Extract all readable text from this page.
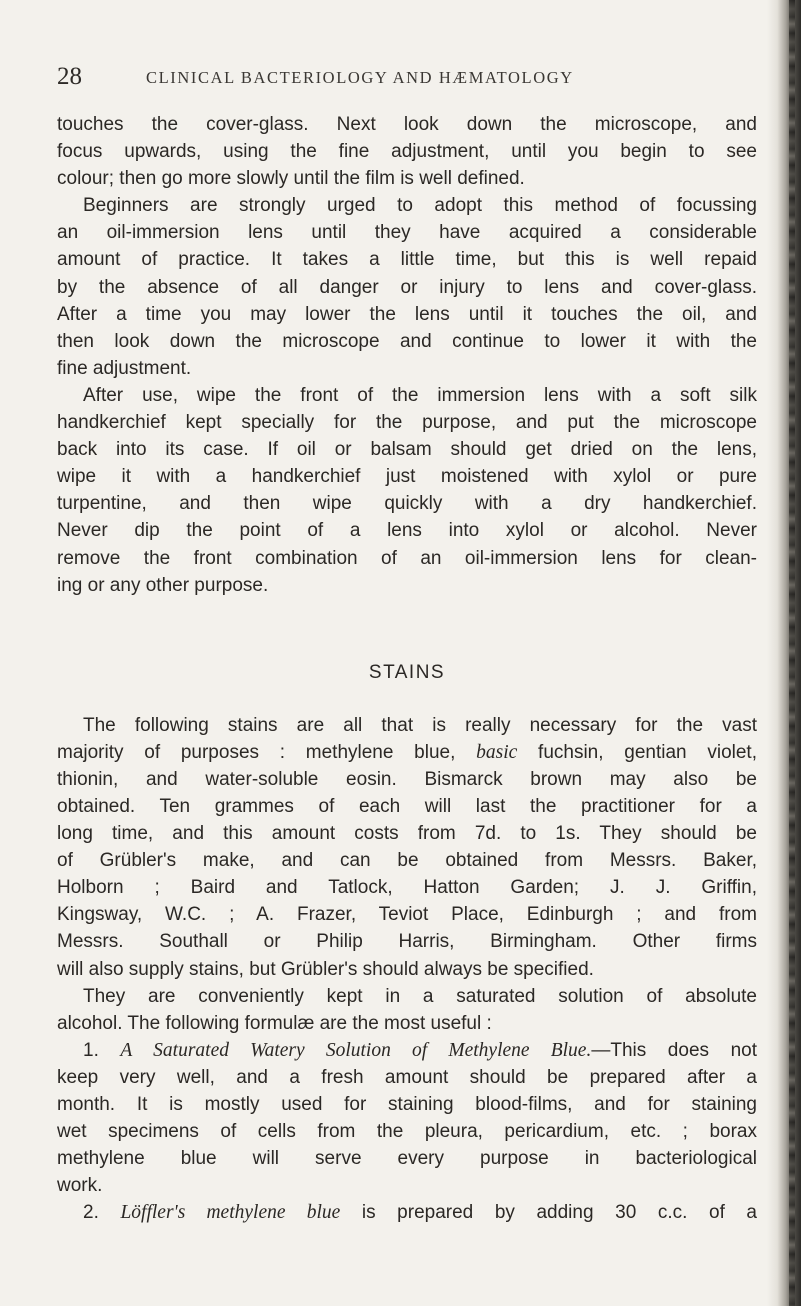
28	CLINICAL BACTERIOLOGY AND HÆMATOLOGY
touches the cover-glass. Next look down the microscope, and
focus upwards, using the fine adjustment, until you begin to see
colour; then go more slowly until the film is well defined.
Beginners are strongly urged to adopt this method of focussing
an oil-immersion lens until they have acquired a considerable
amount of practice. It takes a little time, but this is well repaid
by the absence of all danger or injury to lens and cover-glass.
After a time you may lower the lens until it touches the oil, and
then look down the microscope and continue to lower it with the
fine adjustment.
After use, wipe the front of the immersion lens with a soft silk
handkerchief kept specially for the purpose, and put the microscope
back into its case. If oil or balsam should get dried on the lens,
wipe it with a handkerchief just moistened with xylol or pure
turpentine, and then wipe quickly with a dry handkerchief.
Never dip the point of a lens into xylol or alcohol. Never
remove the front combination of an oil-immersion lens for clean-
ing or any other purpose.
STAINS
The following stains are all that is really necessary for the vast
majority of purposes : methylene blue, basic fuchsin, gentian violet,
thionin, and water-soluble eosin. Bismarck brown may also be
obtained. Ten grammes of each will last the practitioner for a
long time, and this amount costs from 7d. to 1s. They should be
of Grübler's make, and can be obtained from Messrs. Baker,
Holborn ; Baird and Tatlock, Hatton Garden; J. J. Griffin,
Kingsway, W.C. ; A. Frazer, Teviot Place, Edinburgh ; and from
Messrs. Southall or Philip Harris, Birmingham. Other firms
will also supply stains, but Grübler's should always be specified.
They are conveniently kept in a saturated solution of absolute
alcohol. The following formulæ are the most useful :
1. A Saturated Watery Solution of Methylene Blue.—This does not
keep very well, and a fresh amount should be prepared after a
month. It is mostly used for staining blood-films, and for staining
wet specimens of cells from the pleura, pericardium, etc. ; borax
methylene blue will serve every purpose in bacteriological
work.
2. Löffler's methylene blue is prepared by adding 30 c.c. of a
